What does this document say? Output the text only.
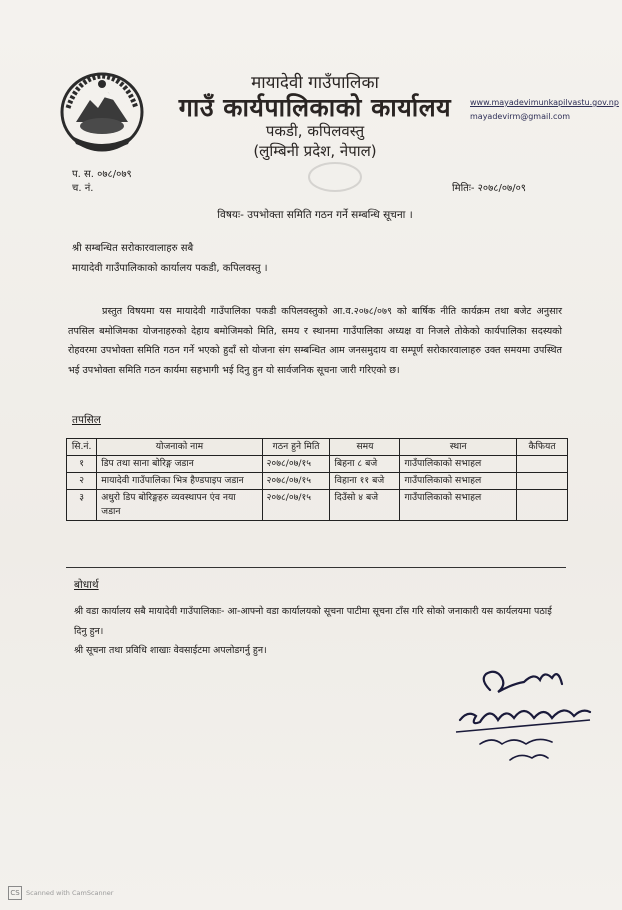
मायादेवी गाउँपालिका
गाउँ कार्यपालिकाको कार्यालय
पकडी, कपिलवस्तु
(लुम्बिनी प्रदेश, नेपाल)
www.mayadevimunkapilvastu.gov.np
mayadevirm@gmail.com
प. स. ०७८/०७९
च. नं.	मितिः- २०७८/०७/०९
विषयः- उपभोक्ता समिति गठन गर्ने सम्बन्धि सूचना ।
श्री सम्बन्धित सरोकारवालाहरु सबै
मायादेवी गाउँपालिकाको कार्यालय पकडी, कपिलवस्तु ।
प्रस्तुत विषयमा यस मायादेवी गाउँपालिका पकडी कपिलवस्तुको आ.व.२०७८/०७९ को बार्षिक नीति कार्यक्रम तथा बजेट अनुसार तपसिल बमोजिमका योजनाहरुको देहाय बमोजिमको मिति, समय र स्थानमा गाउँपालिका अध्यक्ष वा निजले तोकेको कार्यपालिका सदस्यको रोहवरमा उपभोक्ता समिति गठन गर्ने भएको हुदाँ सो योजना संग सम्बन्धित आम जनसमुदाय वा सम्पूर्ण सरोकारवालाहरु उक्त समयमा उपस्थित भई उपभोक्ता समिति गठन कार्यमा सहभागी भई दिनु हुन यो सार्वजनिक सूचना जारी गरिएको छ।
तपसिल
सि.नं.	योजनाको नाम	गठन हुने मिति	समय	स्थान	कैफियत
१	डिप तथा साना बोरिङ्ग जडान	२०७८/०७/१५	बिहना ८ बजे	गाउँपालिकाको सभाहल	
२	मायादेवी गाउँपालिका भित्र हैण्डपाइप जडान	२०७८/०७/१५	विहाना ११ बजे	गाउँपालिकाको सभाहल	
३	अधुरो डिप बोरिङ्गहरु व्यवस्थापन एंव नया जडान	२०७८/०७/१५	दिउँसो ४ बजे	गाउँपालिकाको सभाहल	
बोधार्थ
श्री वडा कार्यालय सबै मायादेवी गाउँपालिकाः- आ-आफ्नो वडा कार्यालयको सूचना पाटीमा सूचना टाँस गरि सोको जनाकारी यस कार्यलयमा पठाई दिनु हुन।
श्री सूचना तथा प्रविधि शाखाः वेवसाईटमा अपलोडगर्नु हुन।
CS Scanned with CamScanner
